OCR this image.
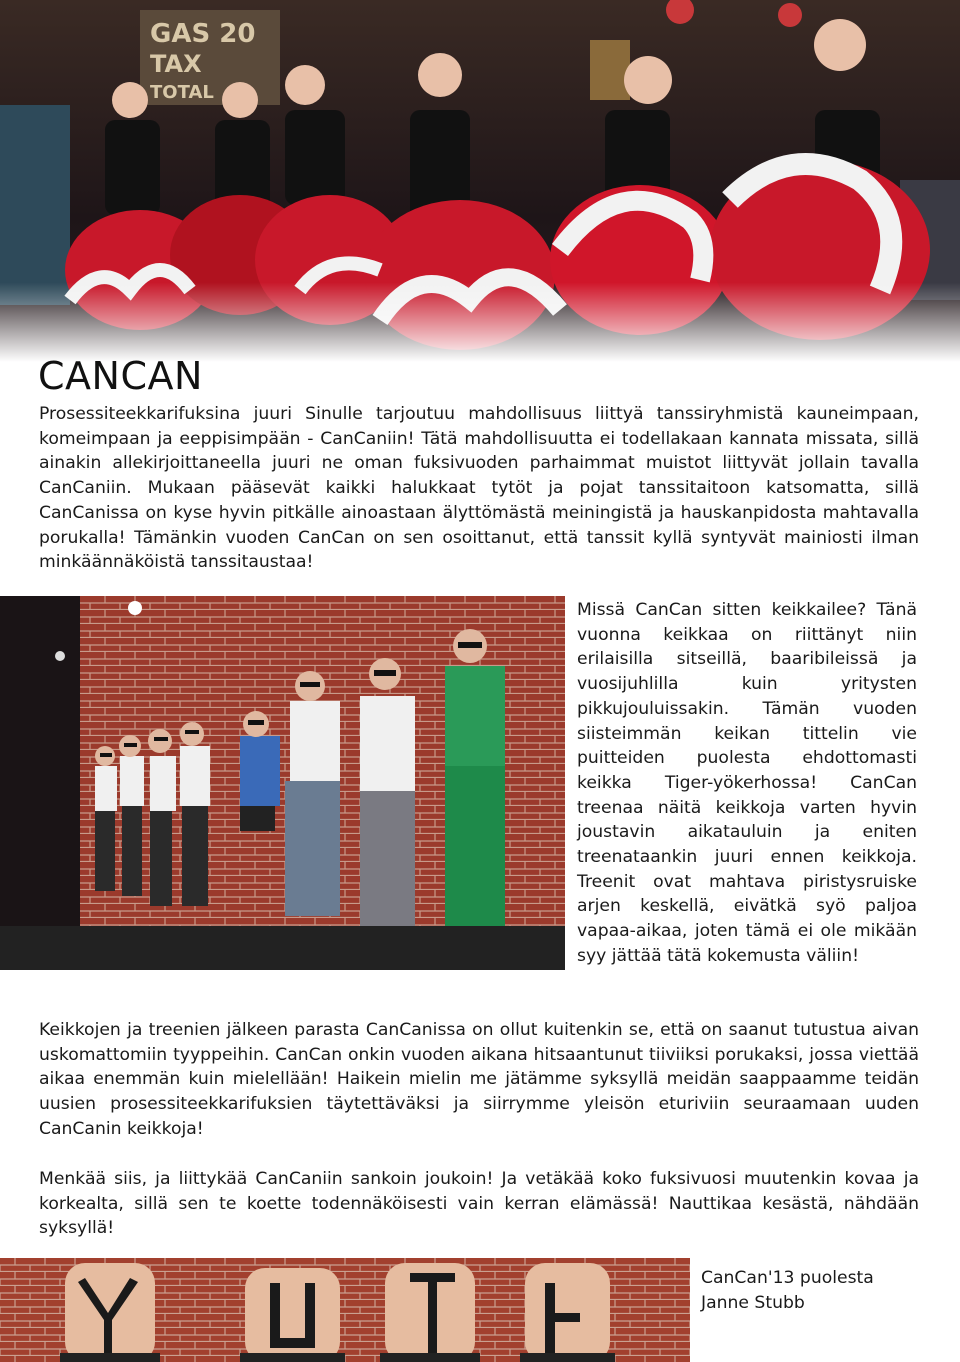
CANCAN

Prosessiteekkarifuksina juuri Sinulle tarjoutuu mahdollisuus liittyä tanssiryhmistä kauneimpaan, komeimpaan ja eeppisimpään - CanCaniin! Tätä mahdollisuutta ei todellakaan kannata missata, sillä ainakin allekirjoittaneella juuri ne oman fuksivuoden parhaimmat muistot liittyvät jollain tavalla CanCaniin. Mukaan pääsevät kaikki halukkaat tytöt ja pojat tanssitaitoon katsomatta, sillä CanCanissa on kyse hyvin pitkälle ainoastaan älyttömästä meiningistä ja hauskanpidosta mahtavalla porukalla! Tämänkin vuoden CanCan on sen osoittanut, että tanssit kyllä syntyvät mainiosti ilman minkäännäköistä tanssitaustaa!

Missä CanCan sitten keikkailee? Tänä vuonna keikkaa on riittänyt niin erilaisilla sitseillä, baaribileissä ja vuosijuhlilla kuin yritysten pikkujouluissakin. Tämän vuoden siisteimmän keikan tittelin vie puitteiden puolesta ehdottomasti keikka Tiger-yökerhossa! CanCan treenaa näitä keikkoja varten hyvin joustavin aikatauluin ja eniten treenataankin juuri ennen keikkoja. Treenit ovat mahtava piristysruiske arjen keskellä, eivätkä syö paljoa vapaa-aikaa, joten tämä ei ole mikään syy jättää tätä kokemusta väliin!

Keikkojen ja treenien jälkeen parasta CanCanissa on ollut kuitenkin se, että on saanut tutustua aivan uskomattomiin tyyppeihin. CanCan onkin vuoden aikana hitsaantunut tiiviiksi porukaksi, jossa viettää aikaa enemmän kuin mielellään! Haikein mielin me jätämme syksyllä meidän saappaamme teidän uusien prosessiteekkarifuksien täytettäväksi ja siirrymme yleisön eturiviin seuraamaan uuden CanCanin keikkoja!

Menkää siis, ja liittykää CanCaniin sankoin joukoin! Ja vetäkää koko fuksivuosi muutenkin kovaa ja korkealta, sillä sen te koette todennäköisesti vain kerran elämässä! Nauttikaa kesästä, nähdään syksyllä!

CanCan'13 puolesta
Janne Stubb
